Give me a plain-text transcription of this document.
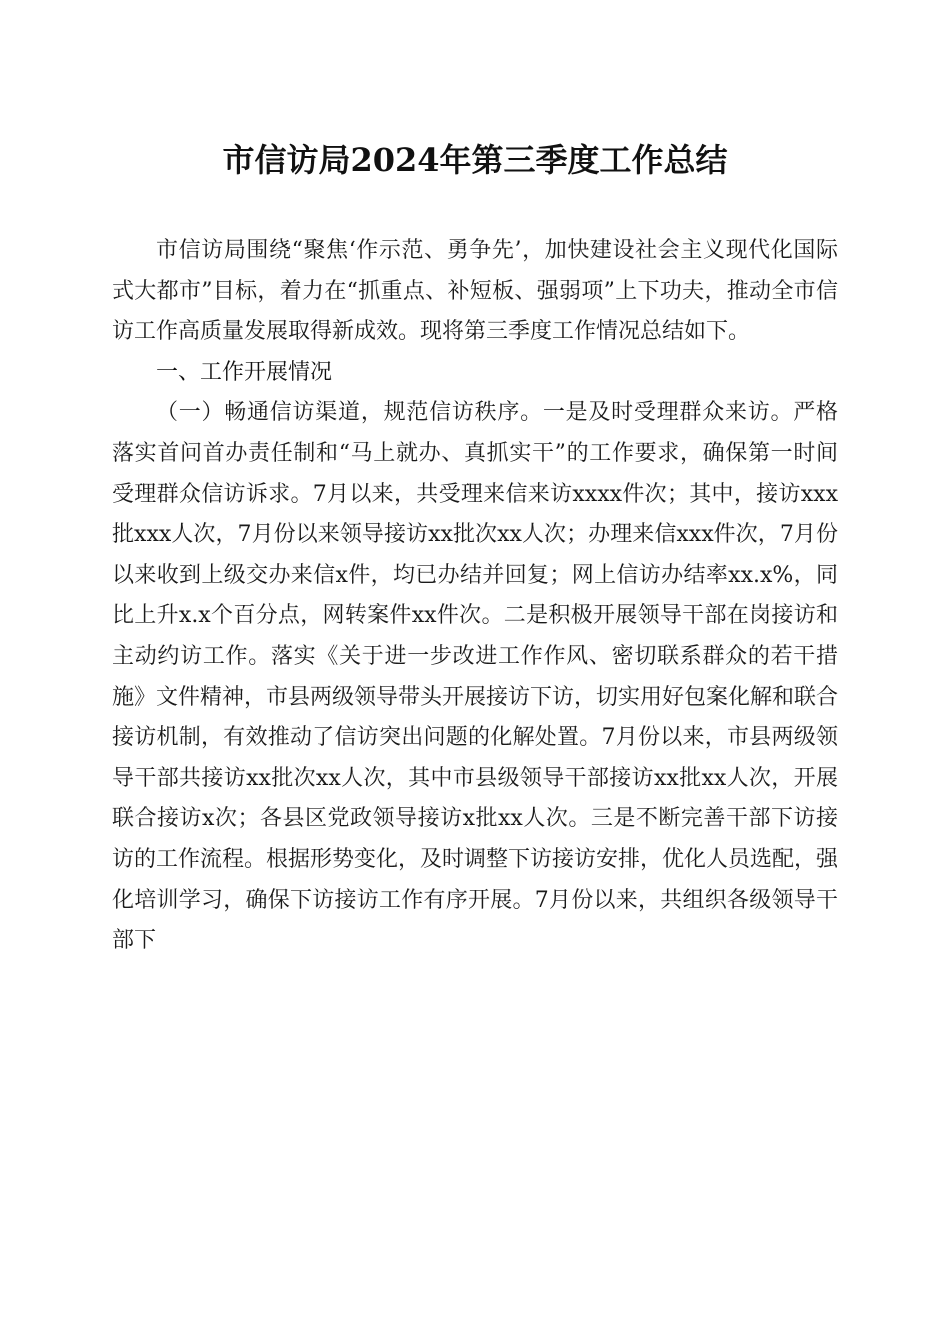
市信访局2024年第三季度工作总结

市信访局围绕“聚焦‘作示范、勇争先’，加快建设社会主义现代化国际式大都市”目标，着力在“抓重点、补短板、强弱项”上下功夫，推动全市信访工作高质量发展取得新成效。现将第三季度工作情况总结如下。

一、工作开展情况

（一）畅通信访渠道，规范信访秩序。一是及时受理群众来访。严格落实首问首办责任制和“马上就办、真抓实干”的工作要求，确保第一时间受理群众信访诉求。7月以来，共受理来信来访xxxx件次；其中，接访xxx批xxx人次，7月份以来领导接访xx批次xx人次；办理来信xxx件次，7月份以来收到上级交办来信x件，均已办结并回复；网上信访办结率xx.x%，同比上升x.x个百分点，网转案件xx件次。二是积极开展领导干部在岗接访和主动约访工作。落实《关于进一步改进工作作风、密切联系群众的若干措施》文件精神，市县两级领导带头开展接访下访，切实用好包案化解和联合接访机制，有效推动了信访突出问题的化解处置。7月份以来，市县两级领导干部共接访xx批次xx人次，其中市县级领导干部接访xx批xx人次，开展联合接访x次；各县区党政领导接访x批xx人次。三是不断完善干部下访接访的工作流程。根据形势变化，及时调整下访接访安排，优化人员选配，强化培训学习，确保下访接访工作有序开展。7月份以来，共组织各级领导干部下
